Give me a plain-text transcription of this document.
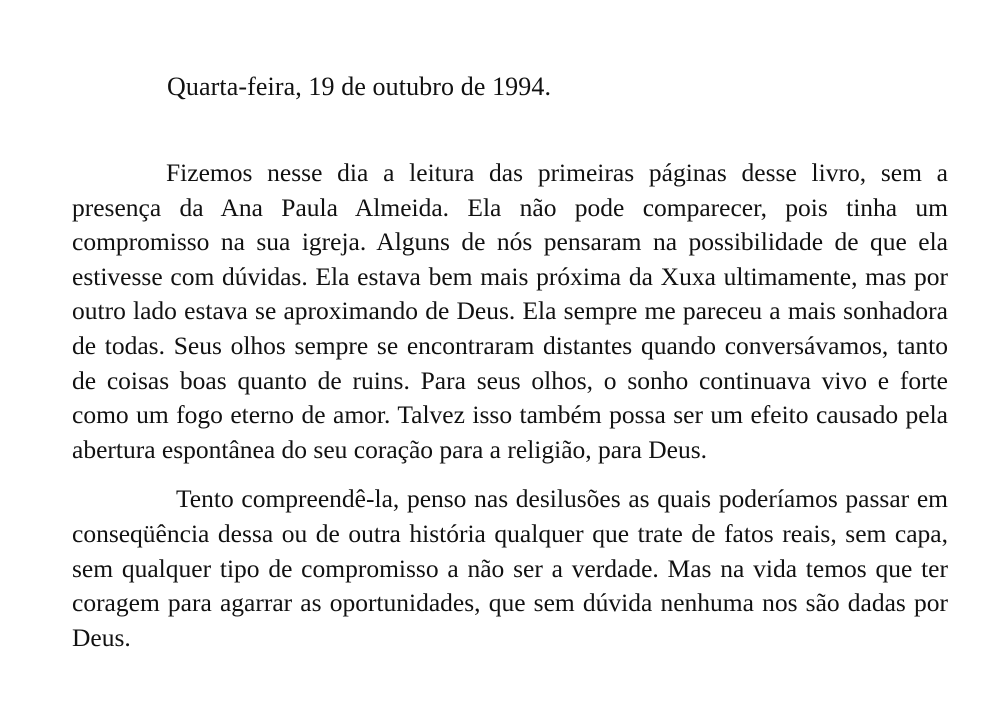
Quarta-feira, 19 de outubro de 1994.

Fizemos nesse dia a leitura das primeiras páginas desse livro, sem a presença da Ana Paula Almeida. Ela não pode comparecer, pois tinha um compromisso na sua igreja. Alguns de nós pensaram na possibilidade de que ela estivesse com dúvidas. Ela estava bem mais próxima da Xuxa ultimamente, mas por outro lado estava se aproximando de Deus. Ela sempre me pareceu a mais sonhadora de todas. Seus olhos sempre se encontraram distantes quando conversávamos, tanto de coisas boas quanto de ruins. Para seus olhos, o sonho continuava vivo e forte como um fogo eterno de amor. Talvez isso também possa ser um efeito causado pela abertura espontânea do seu coração para a religião, para Deus.

Tento compreendê-la, penso nas desilusões as quais poderíamos passar em conseqüência dessa ou de outra história qualquer que trate de fatos reais, sem capa, sem qualquer tipo de compromisso a não ser a verdade. Mas na vida temos que ter coragem para agarrar as oportunidades, que sem dúvida nenhuma nos são dadas por Deus.
